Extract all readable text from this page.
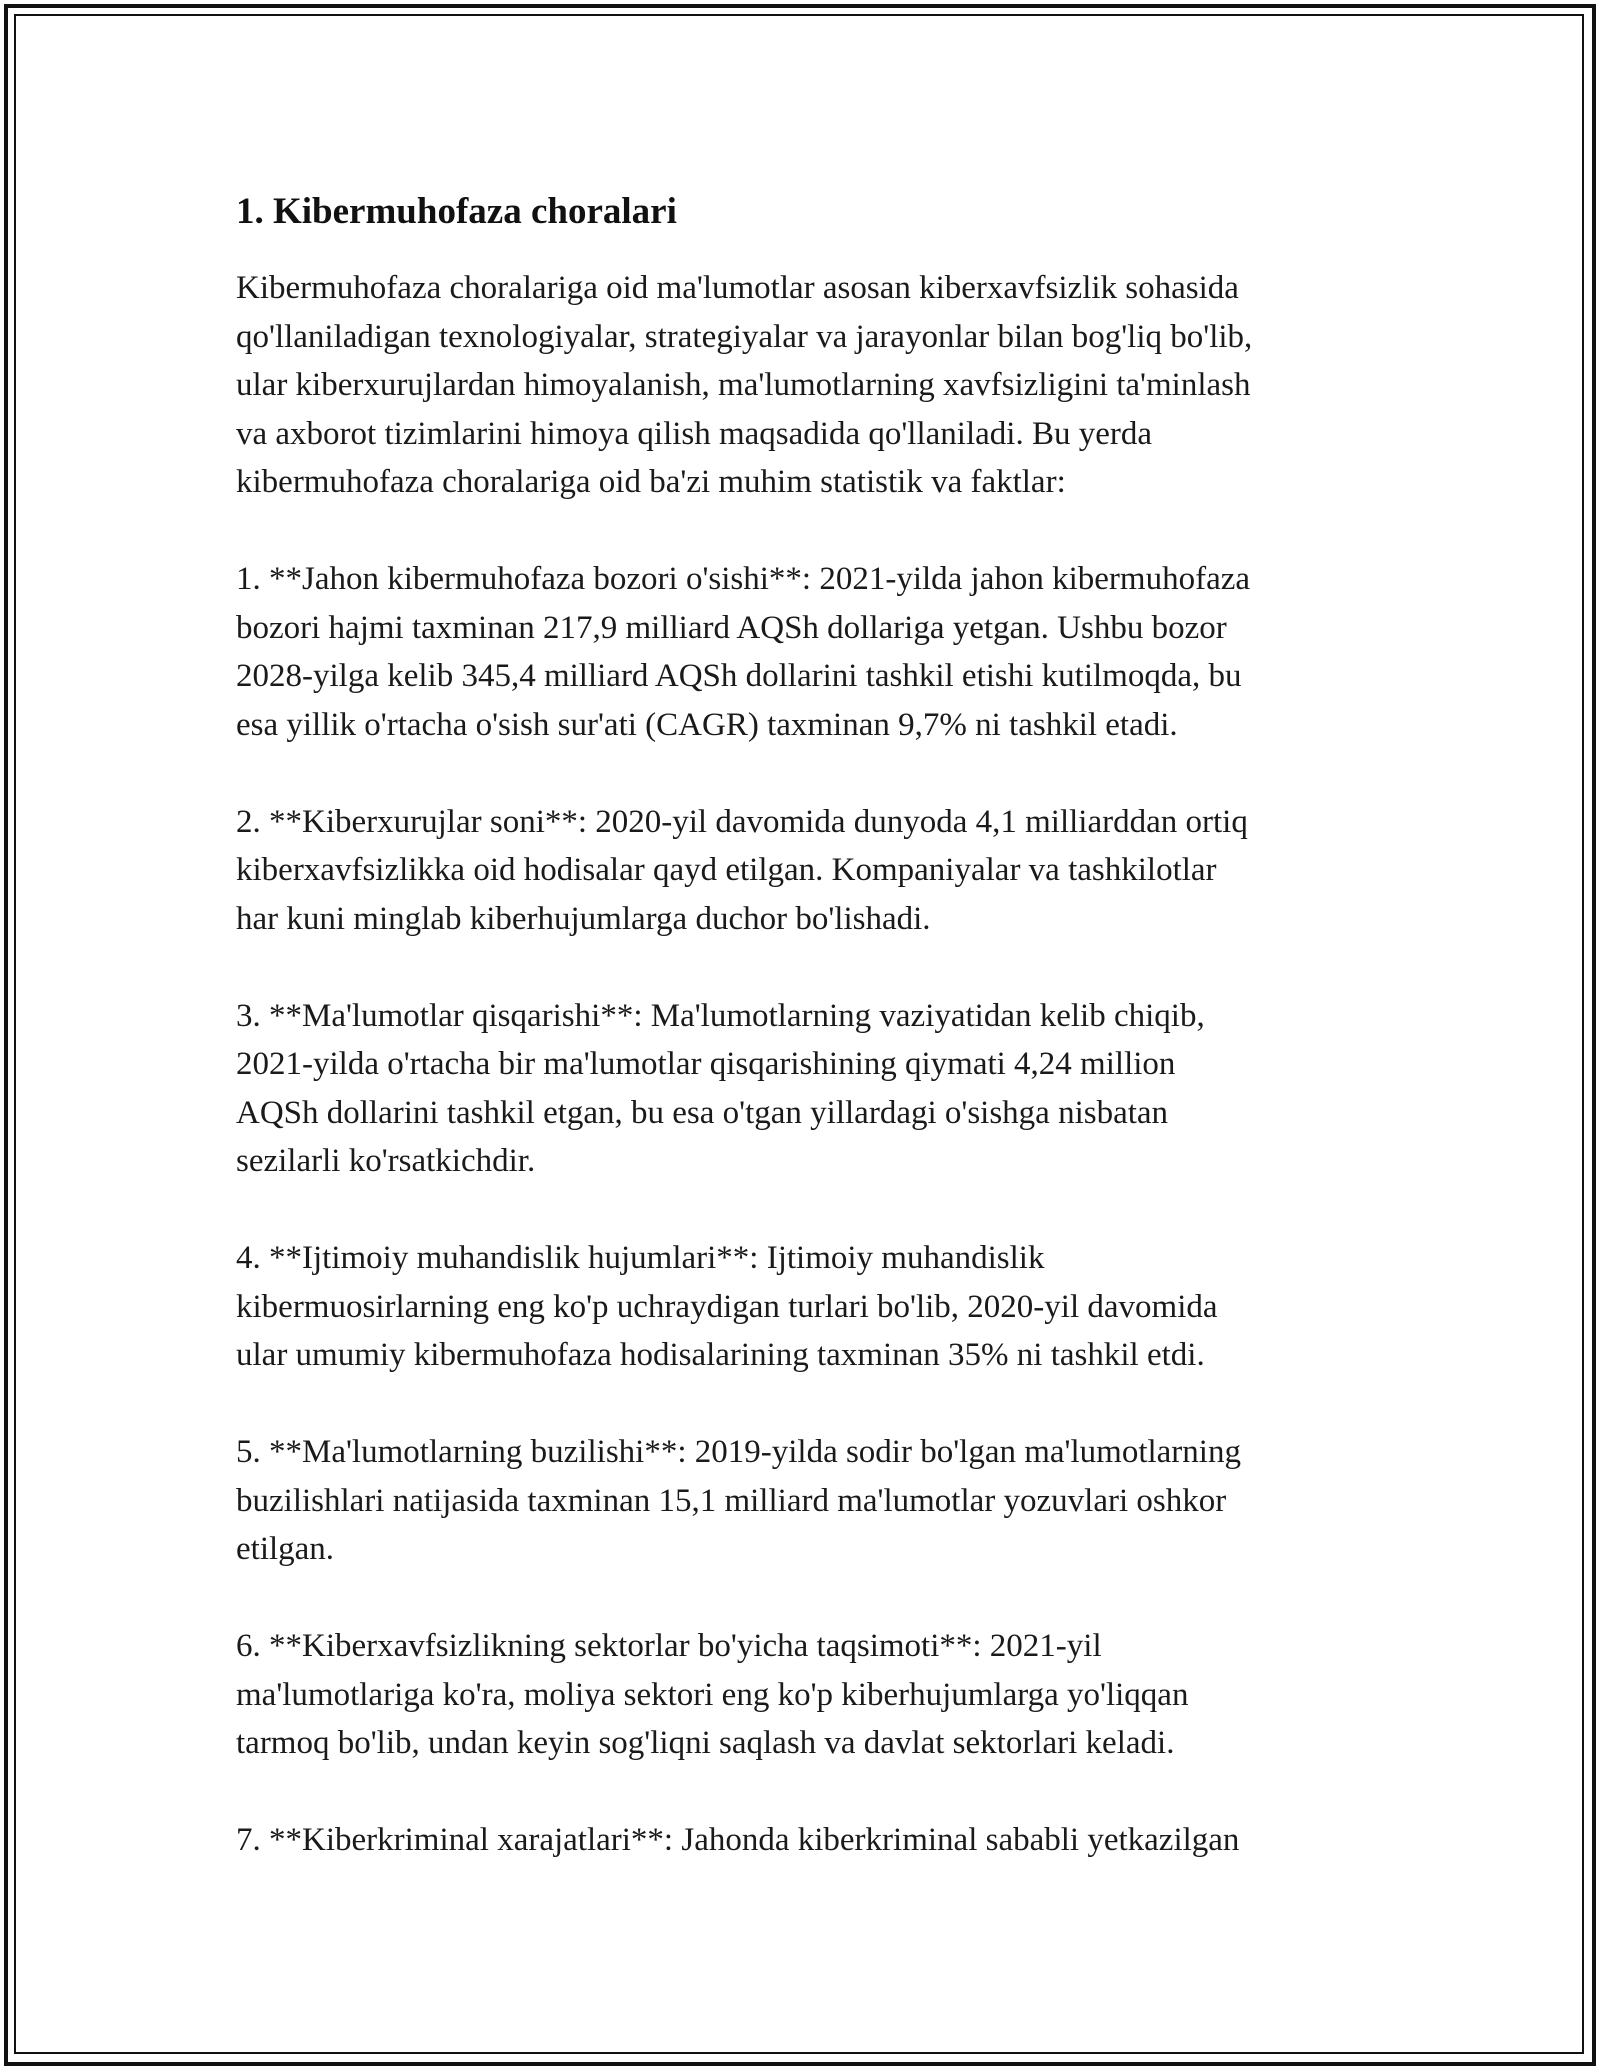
1. Kibermuhofaza choralari

Kibermuhofaza choralariga oid ma'lumotlar asosan kiberxavfsizlik sohasida
qo'llaniladigan texnologiyalar, strategiyalar va jarayonlar bilan bog'liq bo'lib,
ular kiberxurujlardan himoyalanish, ma'lumotlarning xavfsizligini ta'minlash
va axborot tizimlarini himoya qilish maqsadida qo'llaniladi. Bu yerda
kibermuhofaza choralariga oid ba'zi muhim statistik va faktlar:

1. **Jahon kibermuhofaza bozori o'sishi**: 2021-yilda jahon kibermuhofaza
bozori hajmi taxminan 217,9 milliard AQSh dollariga yetgan. Ushbu bozor
2028-yilga kelib 345,4 milliard AQSh dollarini tashkil etishi kutilmoqda, bu
esa yillik o'rtacha o'sish sur'ati (CAGR) taxminan 9,7% ni tashkil etadi.

2. **Kiberxurujlar soni**: 2020-yil davomida dunyoda 4,1 milliarddan ortiq
kiberxavfsizlikka oid hodisalar qayd etilgan. Kompaniyalar va tashkilotlar
har kuni minglab kiberhujumlarga duchor bo'lishadi.

3. **Ma'lumotlar qisqarishi**: Ma'lumotlarning vaziyatidan kelib chiqib,
2021-yilda o'rtacha bir ma'lumotlar qisqarishining qiymati 4,24 million
AQSh dollarini tashkil etgan, bu esa o'tgan yillardagi o'sishga nisbatan
sezilarli ko'rsatkichdir.

4. **Ijtimoiy muhandislik hujumlari**: Ijtimoiy muhandislik
kibermuosirlarning eng ko'p uchraydigan turlari bo'lib, 2020-yil davomida
ular umumiy kibermuhofaza hodisalarining taxminan 35% ni tashkil etdi.

5. **Ma'lumotlarning buzilishi**: 2019-yilda sodir bo'lgan ma'lumotlarning
buzilishlari natijasida taxminan 15,1 milliard ma'lumotlar yozuvlari oshkor
etilgan.

6. **Kiberxavfsizlikning sektorlar bo'yicha taqsimoti**: 2021-yil
ma'lumotlariga ko'ra, moliya sektori eng ko'p kiberhujumlarga yo'liqqan
tarmoq bo'lib, undan keyin sog'liqni saqlash va davlat sektorlari keladi.

7. **Kiberkriminal xarajatlari**: Jahonda kiberkriminal sababli yetkazilgan
